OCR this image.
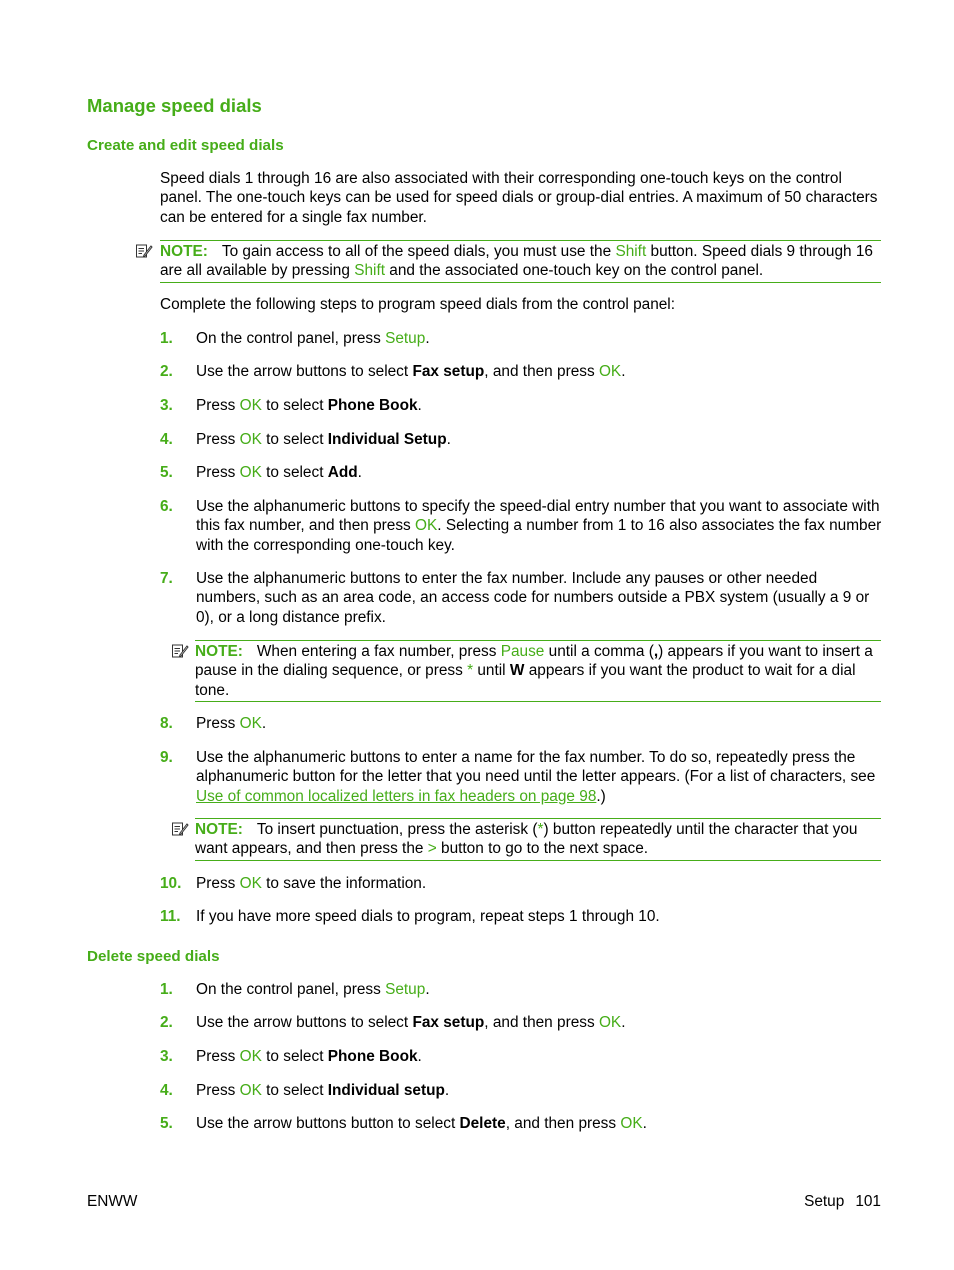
Manage speed dials
Create and edit speed dials
Speed dials 1 through 16 are also associated with their corresponding one-touch keys on the control panel. The one-touch keys can be used for speed dials or group-dial entries. A maximum of 50 characters can be entered for a single fax number.
NOTE: To gain access to all of the speed dials, you must use the Shift button. Speed dials 9 through 16 are all available by pressing Shift and the associated one-touch key on the control panel.
Complete the following steps to program speed dials from the control panel:
1. On the control panel, press Setup.
2. Use the arrow buttons to select Fax setup, and then press OK.
3. Press OK to select Phone Book.
4. Press OK to select Individual Setup.
5. Press OK to select Add.
6. Use the alphanumeric buttons to specify the speed-dial entry number that you want to associate with this fax number, and then press OK. Selecting a number from 1 to 16 also associates the fax number with the corresponding one-touch key.
7. Use the alphanumeric buttons to enter the fax number. Include any pauses or other needed numbers, such as an area code, an access code for numbers outside a PBX system (usually a 9 or 0), or a long distance prefix.
NOTE: When entering a fax number, press Pause until a comma (,) appears if you want to insert a pause in the dialing sequence, or press * until W appears if you want the product to wait for a dial tone.
8. Press OK.
9. Use the alphanumeric buttons to enter a name for the fax number. To do so, repeatedly press the alphanumeric button for the letter that you need until the letter appears. (For a list of characters, see Use of common localized letters in fax headers on page 98.)
NOTE: To insert punctuation, press the asterisk (*) button repeatedly until the character that you want appears, and then press the > button to go to the next space.
10. Press OK to save the information.
11. If you have more speed dials to program, repeat steps 1 through 10.
Delete speed dials
1. On the control panel, press Setup.
2. Use the arrow buttons to select Fax setup, and then press OK.
3. Press OK to select Phone Book.
4. Press OK to select Individual setup.
5. Use the arrow buttons button to select Delete, and then press OK.
ENWW	Setup 101
